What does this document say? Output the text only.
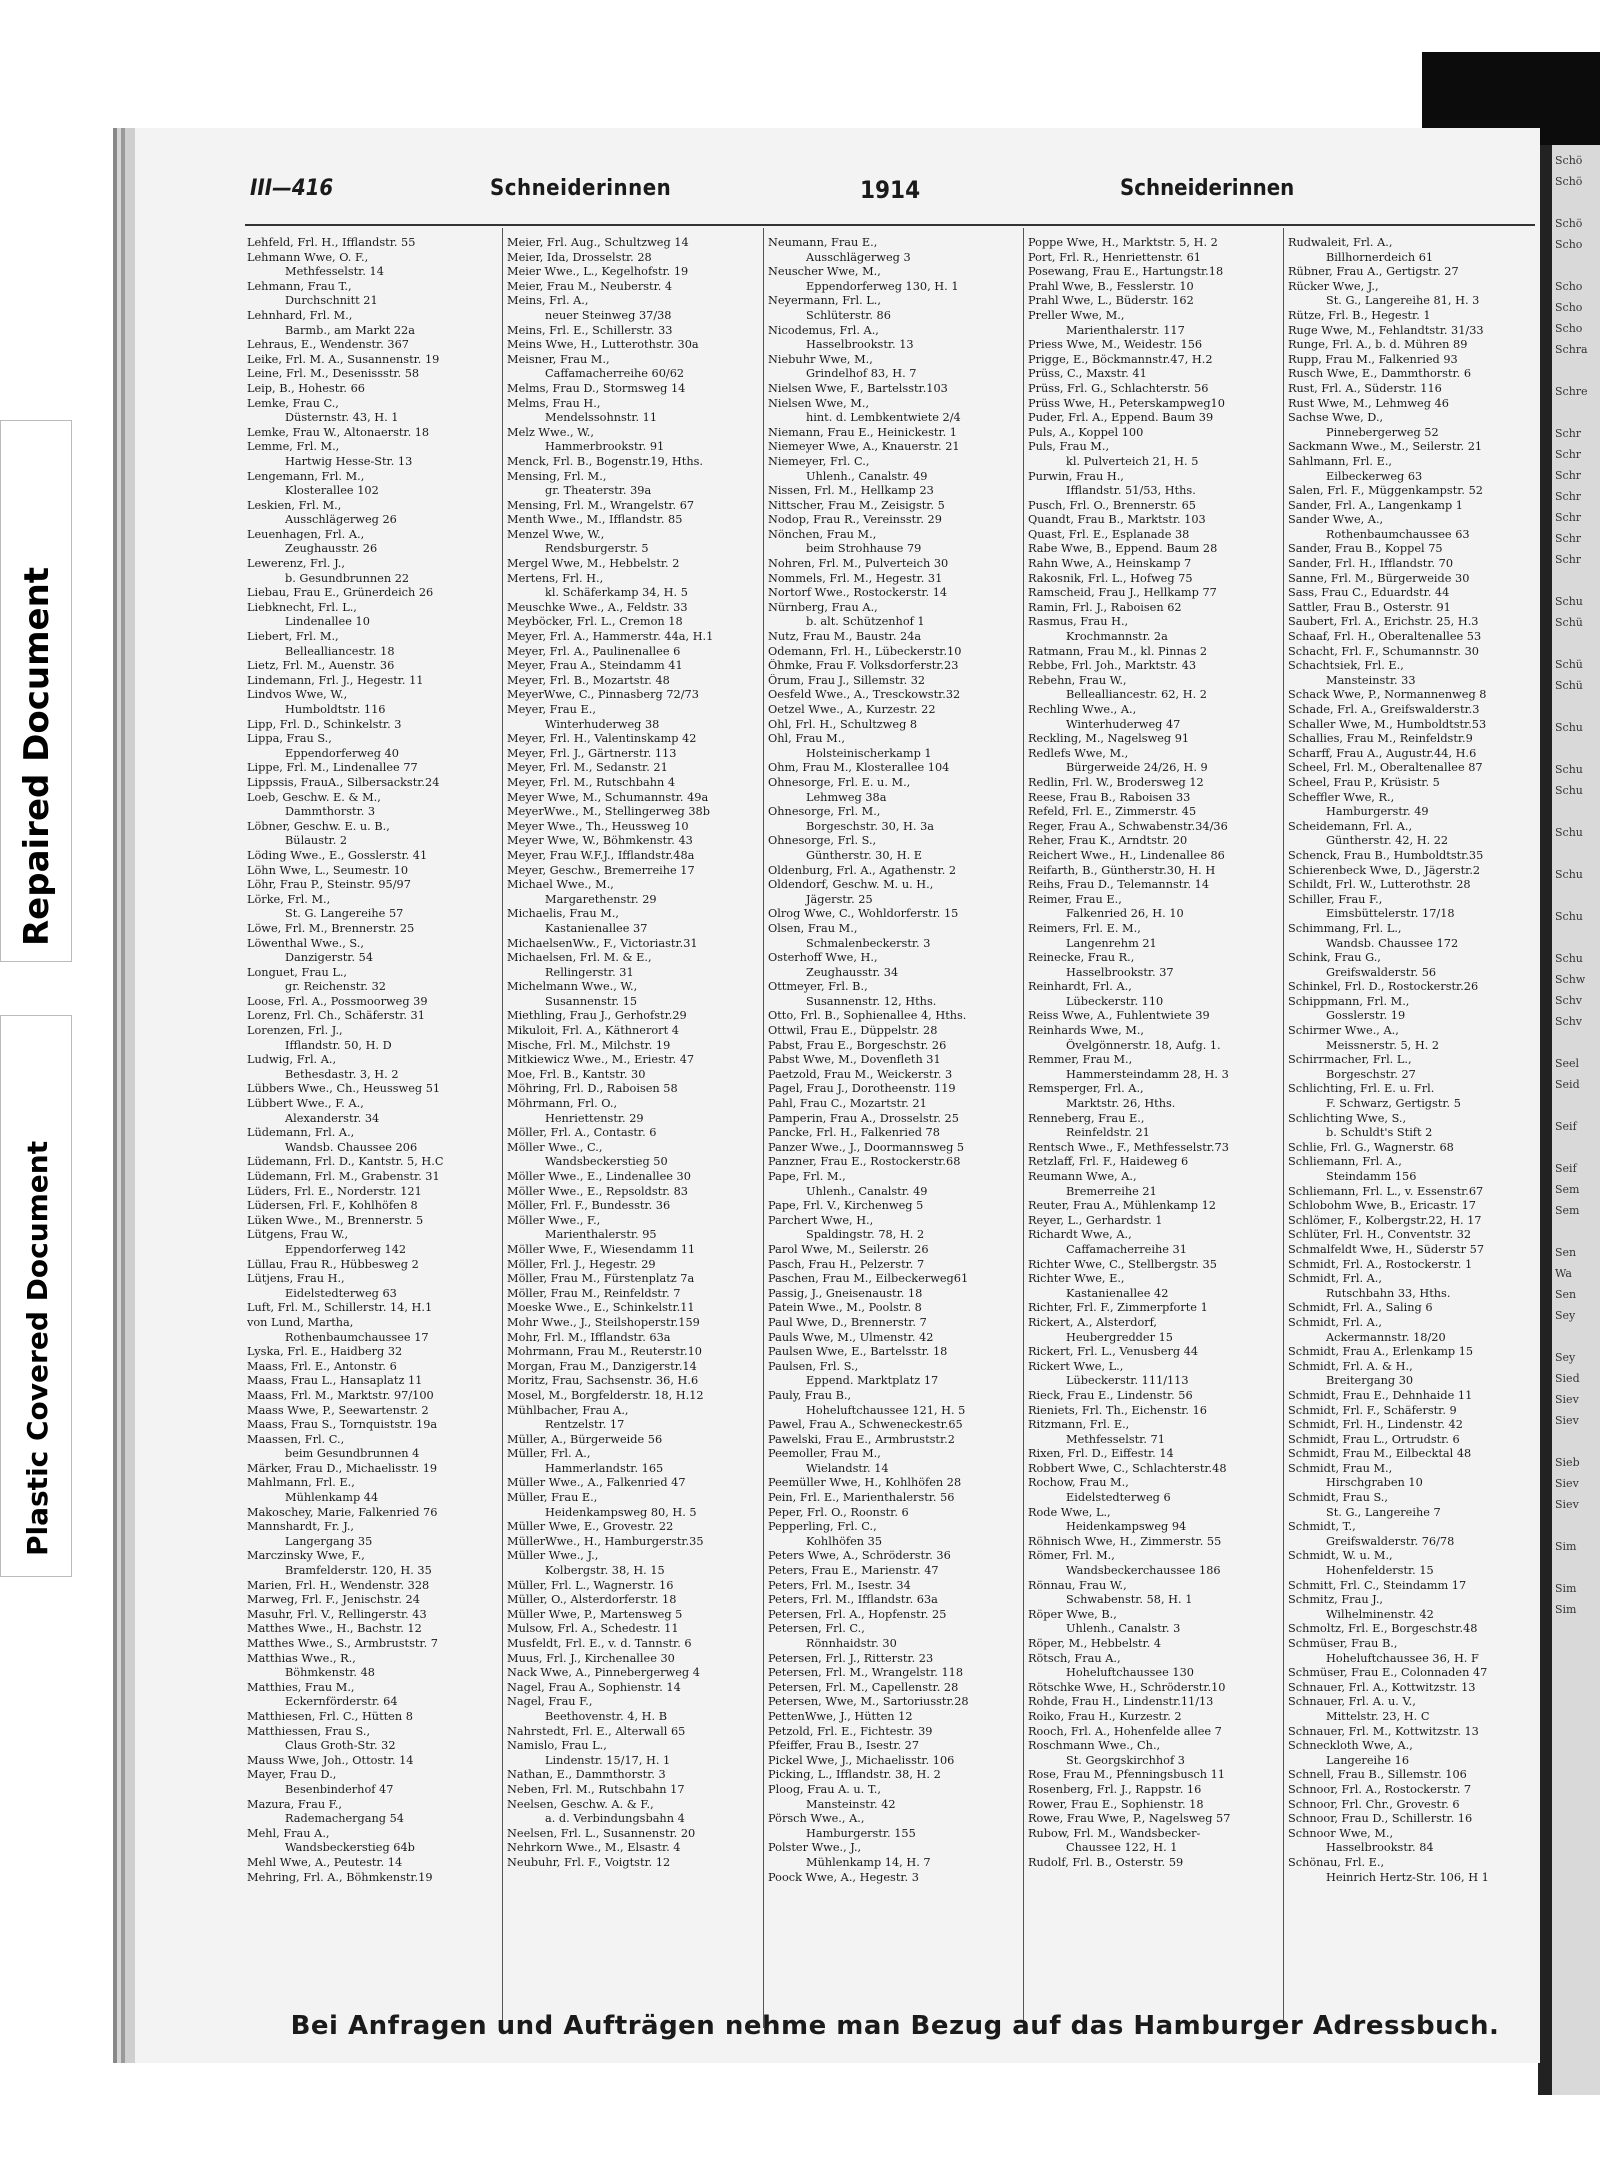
Schö
Schö

Schö
Scho

Scho
Scho
Scho
Schra

Schre

Schr
Schr
Schr
Schr
Schr
Schr
Schr

Schu
Schü

Schü
Schü

Schu

Schu
Schu

Schu

Schu

Schu

Schu
Schw
Schv
Schv

Seel
Seid

Seif

Seif
Sem
Sem

Sen
Wa
Sen
Sey

Sey
Sied
Siev
Siev

Sieb
Siev
Siev

Sim

Sim
Sim
Repaired Document
Plastic Covered Document
III—416	Schneiderinnen	1914	Schneiderinnen
Lehfeld, Frl. H., Ifflandstr. 55
Lehmann Wwe, O. F.,
Methfesselstr. 14
Lehmann, Frau T.,
Durchschnitt 21
Lehnhard, Frl. M.,
Barmb., am Markt 22a
Lehraus, E., Wendenstr. 367
Leike, Frl. M. A., Susannenstr. 19
Leine, Frl. M., Desenissstr. 58
Leip, B., Hohestr. 66
Lemke, Frau C.,
Düsternstr. 43, H. 1
Lemke, Frau W., Altonaerstr. 18
Lemme, Frl. M.,
Hartwig Hesse-Str. 13
Lengemann, Frl. M.,
Klosterallee 102
Leskien, Frl. M.,
Ausschlägerweg 26
Leuenhagen, Frl. A.,
Zeughausstr. 26
Lewerenz, Frl. J.,
b. Gesundbrunnen 22
Liebau, Frau E., Grünerdeich 26
Liebknecht, Frl. L.,
Lindenallee 10
Liebert, Frl. M.,
Bellealliancestr. 18
Lietz, Frl. M., Auenstr. 36
Lindemann, Frl. J., Hegestr. 11
Lindvos Wwe, W.,
Humboldtstr. 116
Lipp, Frl. D., Schinkelstr. 3
Lippa, Frau S.,
Eppendorferweg 40
Lippe, Frl. M., Lindenallee 77
Lippssis, FrauA., Silbersackstr.24
Loeb, Geschw. E. & M.,
Dammthorstr. 3
Löbner, Geschw. E. u. B.,
Bülaustr. 2
Löding Wwe., E., Gosslerstr. 41
Löhn Wwe, L., Seumestr. 10
Löhr, Frau P., Steinstr. 95/97
Lörke, Frl. M.,
St. G. Langereihe 57
Löwe, Frl. M., Brennerstr. 25
Löwenthal Wwe., S.,
Danzigerstr. 54
Longuet, Frau L.,
gr. Reichenstr. 32
Loose, Frl. A., Possmoorweg 39
Lorenz, Frl. Ch., Schäferstr. 31
Lorenzen, Frl. J.,
Ifflandstr. 50, H. D
Ludwig, Frl. A.,
Bethesdastr. 3, H. 2
Lübbers Wwe., Ch., Heussweg 51
Lübbert Wwe., F. A.,
Alexanderstr. 34
Lüdemann, Frl. A.,
Wandsb. Chaussee 206
Lüdemann, Frl. D., Kantstr. 5, H.C
Lüdemann, Frl. M., Grabenstr. 31
Lüders, Frl. E., Norderstr. 121
Lüdersen, Frl. F., Kohlhöfen 8
Lüken Wwe., M., Brennerstr. 5
Lütgens, Frau W.,
Eppendorferweg 142
Lüllau, Frau R., Hübbesweg 2
Lütjens, Frau H.,
Eidelstedterweg 63
Luft, Frl. M., Schillerstr. 14, H.1
von Lund, Martha,
Rothenbaumchaussee 17
Lyska, Frl. E., Haidberg 32
Maass, Frl. E., Antonstr. 6
Maass, Frau L., Hansaplatz 11
Maass, Frl. M., Marktstr. 97/100
Maass Wwe, P., Seewartenstr. 2
Maass, Frau S., Tornquiststr. 19a
Maassen, Frl. C.,
beim Gesundbrunnen 4
Märker, Frau D., Michaelisstr. 19
Mahlmann, Frl. E.,
Mühlenkamp 44
Makoschey, Marie, Falkenried 76
Mannshardt, Fr. J.,
Langergang 35
Marczinsky Wwe, F.,
Bramfelderstr. 120, H. 35
Marien, Frl. H., Wendenstr. 328
Marweg, Frl. F., Jenischstr. 24
Masuhr, Frl. V., Rellingerstr. 43
Matthes Wwe., H., Bachstr. 12
Matthes Wwe., S., Armbruststr. 7
Matthias Wwe., R.,
Böhmkenstr. 48
Matthies, Frau M.,
Eckernförderstr. 64
Matthiesen, Frl. C., Hütten 8
Matthiessen, Frau S.,
Claus Groth-Str. 32
Mauss Wwe, Joh., Ottostr. 14
Mayer, Frau D.,
Besenbinderhof 47
Mazura, Frau F.,
Rademachergang 54
Mehl, Frau A.,
Wandsbeckerstieg 64b
Mehl Wwe, A., Peutestr. 14
Mehring, Frl. A., Böhmkenstr.19
Meier, Frl. Aug., Schultzweg 14
Meier, Ida, Drosselstr. 28
Meier Wwe., L., Kegelhofstr. 19
Meier, Frau M., Neuberstr. 4
Meins, Frl. A.,
neuer Steinweg 37/38
Meins, Frl. E., Schillerstr. 33
Meins Wwe, H., Lutterothstr. 30a
Meisner, Frau M.,
Caffamacherreihe 60/62
Melms, Frau D., Stormsweg 14
Melms, Frau H.,
Mendelssohnstr. 11
Melz Wwe., W.,
Hammerbrookstr. 91
Menck, Frl. B., Bogenstr.19, Hths.
Mensing, Frl. M.,
gr. Theaterstr. 39a
Mensing, Frl. M., Wrangelstr. 67
Menth Wwe., M., Ifflandstr. 85
Menzel Wwe, W.,
Rendsburgerstr. 5
Mergel Wwe, M., Hebbelstr. 2
Mertens, Frl. H.,
kl. Schäferkamp 34, H. 5
Meuschke Wwe., A., Feldstr. 33
Meyböcker, Frl. L., Cremon 18
Meyer, Frl. A., Hammerstr. 44a, H.1
Meyer, Frl. A., Paulinenallee 6
Meyer, Frau A., Steindamm 41
Meyer, Frl. B., Mozartstr. 48
MeyerWwe, C., Pinnasberg 72/73
Meyer, Frau E.,
Winterhuderweg 38
Meyer, Frl. H., Valentinskamp 42
Meyer, Frl. J., Gärtnerstr. 113
Meyer, Frl. M., Sedanstr. 21
Meyer, Frl. M., Rutschbahn 4
Meyer Wwe, M., Schumannstr. 49a
MeyerWwe., M., Stellingerweg 38b
Meyer Wwe., Th., Heussweg 10
Meyer Wwe, W., Böhmkenstr. 43
Meyer, Frau W.F.J., Ifflandstr.48a
Meyer, Geschw., Bremerreihe 17
Michael Wwe., M.,
Margarethenstr. 29
Michaelis, Frau M.,
Kastanienallee 37
MichaelsenWw., F., Victoriastr.31
Michaelsen, Frl. M. & E.,
Rellingerstr. 31
Michelmann Wwe., W.,
Susannenstr. 15
Miethling, Frau J., Gerhofstr.29
Mikuloit, Frl. A., Käthnerort 4
Mische, Frl. M., Milchstr. 19
Mitkiewicz Wwe., M., Eriestr. 47
Moe, Frl. B., Kantstr. 30
Möhring, Frl. D., Raboisen 58
Möhrmann, Frl. O.,
Henriettenstr. 29
Möller, Frl. A., Contastr. 6
Möller Wwe., C.,
Wandsbeckerstieg 50
Möller Wwe., E., Lindenallee 30
Möller Wwe., E., Repsoldstr. 83
Möller, Frl. F., Bundesstr. 36
Möller Wwe., F.,
Marienthalerstr. 95
Möller Wwe, F., Wiesendamm 11
Möller, Frl. J., Hegestr. 29
Möller, Frau M., Fürstenplatz 7a
Möller, Frau M., Reinfeldstr. 7
Moeske Wwe., E., Schinkelstr.11
Mohr Wwe., J., Steilshoperstr.159
Mohr, Frl. M., Ifflandstr. 63a
Mohrmann, Frau M., Reuterstr.10
Morgan, Frau M., Danzigerstr.14
Moritz, Frau, Sachsenstr. 36, H.6
Mosel, M., Borgfelderstr. 18, H.12
Mühlbacher, Frau A.,
Rentzelstr. 17
Müller, A., Bürgerweide 56
Müller, Frl. A.,
Hammerlandstr. 165
Müller Wwe., A., Falkenried 47
Müller, Frau E.,
Heidenkampsweg 80, H. 5
Müller Wwe, E., Grovestr. 22
MüllerWwe., H., Hamburgerstr.35
Müller Wwe., J.,
Kolbergstr. 38, H. 15
Müller, Frl. L., Wagnerstr. 16
Müller, O., Alsterdorferstr. 18
Müller Wwe, P., Martensweg 5
Mulsow, Frl. A., Schedestr. 11
Musfeldt, Frl. E., v. d. Tannstr. 6
Muus, Frl. J., Kirchenallee 30
Nack Wwe, A., Pinnebergerweg 4
Nagel, Frau A., Sophienstr. 14
Nagel, Frau F.,
Beethovenstr. 4, H. B
Nahrstedt, Frl. E., Alterwall 65
Namislo, Frau L.,
Lindenstr. 15/17, H. 1
Nathan, E., Dammthorstr. 3
Neben, Frl. M., Rutschbahn 17
Neelsen, Geschw. A. & F.,
a. d. Verbindungsbahn 4
Neelsen, Frl. L., Susannenstr. 20
Nehrkorn Wwe., M., Elsastr. 4
Neubuhr, Frl. F., Voigtstr. 12
Neumann, Frau E.,
Ausschlägerweg 3
Neuscher Wwe, M.,
Eppendorferweg 130, H. 1
Neyermann, Frl. L.,
Schlüterstr. 86
Nicodemus, Frl. A.,
Hasselbrookstr. 13
Niebuhr Wwe, M.,
Grindelhof 83, H. 7
Nielsen Wwe, F., Bartelsstr.103
Nielsen Wwe, M.,
hint. d. Lembkentwiete 2/4
Niemann, Frau E., Heinickestr. 1
Niemeyer Wwe, A., Knauerstr. 21
Niemeyer, Frl. C.,
Uhlenh., Canalstr. 49
Nissen, Frl. M., Hellkamp 23
Nittscher, Frau M., Zeisigstr. 5
Nodop, Frau R., Vereinsstr. 29
Nönchen, Frau M.,
beim Strohhause 79
Nohren, Frl. M., Pulverteich 30
Nommels, Frl. M., Hegestr. 31
Nortorf Wwe., Rostockerstr. 14
Nürnberg, Frau A.,
b. alt. Schützenhof 1
Nutz, Frau M., Baustr. 24a
Odemann, Frl. H., Lübeckerstr.10
Öhmke, Frau F. Volksdorferstr.23
Örum, Frau J., Sillemstr. 32
Oesfeld Wwe., A., Tresckowstr.32
Oetzel Wwe., A., Kurzestr. 22
Ohl, Frl. H., Schultzweg 8
Ohl, Frau M.,
Holsteinischerkamp 1
Ohm, Frau M., Klosterallee 104
Ohnesorge, Frl. E. u. M.,
Lehmweg 38a
Ohnesorge, Frl. M.,
Borgeschstr. 30, H. 3a
Ohnesorge, Frl. S.,
Güntherstr. 30, H. E
Oldenburg, Frl. A., Agathenstr. 2
Oldendorf, Geschw. M. u. H.,
Jägerstr. 25
Olrog Wwe, C., Wohldorferstr. 15
Olsen, Frau M.,
Schmalenbeckerstr. 3
Osterhoff Wwe, H.,
Zeughausstr. 34
Ottmeyer, Frl. B.,
Susannenstr. 12, Hths.
Otto, Frl. B., Sophienallee 4, Hths.
Ottwil, Frau E., Düppelstr. 28
Pabst, Frau E., Borgeschstr. 26
Pabst Wwe, M., Dovenfleth 31
Paetzold, Frau M., Weickerstr. 3
Pagel, Frau J., Dorotheenstr. 119
Pahl, Frau C., Mozartstr. 21
Pamperin, Frau A., Drosselstr. 25
Pancke, Frl. H., Falkenried 78
Panzer Wwe., J., Doormannsweg 5
Panzner, Frau E., Rostockerstr.68
Pape, Frl. M.,
Uhlenh., Canalstr. 49
Pape, Frl. V., Kirchenweg 5
Parchert Wwe, H.,
Spaldingstr. 78, H. 2
Parol Wwe, M., Seilerstr. 26
Pasch, Frau H., Pelzerstr. 7
Paschen, Frau M., Eilbeckerweg61
Passig, J., Gneisenaustr. 18
Patein Wwe., M., Poolstr. 8
Paul Wwe, D., Brennerstr. 7
Pauls Wwe, M., Ulmenstr. 42
Paulsen Wwe, E., Bartelsstr. 18
Paulsen, Frl. S.,
Eppend. Marktplatz 17
Pauly, Frau B.,
Hoheluftchaussee 121, H. 5
Pawel, Frau A., Schweneckestr.65
Pawelski, Frau E., Armbruststr.2
Peemoller, Frau M.,
Wielandstr. 14
Peemüller Wwe, H., Kohlhöfen 28
Pein, Frl. E., Marienthalerstr. 56
Peper, Frl. O., Roonstr. 6
Pepperling, Frl. C.,
Kohlhöfen 35
Peters Wwe, A., Schröderstr. 36
Peters, Frau E., Marienstr. 47
Peters, Frl. M., Isestr. 34
Peters, Frl. M., Ifflandstr. 63a
Petersen, Frl. A., Hopfenstr. 25
Petersen, Frl. C.,
Rönnhaidstr. 30
Petersen, Frl. J., Ritterstr. 23
Petersen, Frl. M., Wrangelstr. 118
Petersen, Frl. M., Capellenstr. 28
Petersen, Wwe, M., Sartoriusstr.28
PettenWwe, J., Hütten 12
Petzold, Frl. E., Fichtestr. 39
Pfeiffer, Frau B., Isestr. 27
Pickel Wwe, J., Michaelisstr. 106
Picking, L., Ifflandstr. 38, H. 2
Ploog, Frau A. u. T.,
Mansteinstr. 42
Pörsch Wwe., A.,
Hamburgerstr. 155
Polster Wwe., J.,
Mühlenkamp 14, H. 7
Poock Wwe, A., Hegestr. 3
Poppe Wwe, H., Marktstr. 5, H. 2
Port, Frl. R., Henriettenstr. 61
Posewang, Frau E., Hartungstr.18
Prahl Wwe, B., Fesslerstr. 10
Prahl Wwe, L., Büderstr. 162
Preller Wwe, M.,
Marienthalerstr. 117
Priess Wwe, M., Weidestr. 156
Prigge, E., Böckmannstr.47, H.2
Prüss, C., Maxstr. 41
Prüss, Frl. G., Schlachterstr. 56
Prüss Wwe, H., Peterskampweg10
Puder, Frl. A., Eppend. Baum 39
Puls, A., Koppel 100
Puls, Frau M.,
kl. Pulverteich 21, H. 5
Purwin, Frau H.,
Ifflandstr. 51/53, Hths.
Pusch, Frl. O., Brennerstr. 65
Quandt, Frau B., Marktstr. 103
Quast, Frl. E., Esplanade 38
Rabe Wwe, B., Eppend. Baum 28
Rahn Wwe, A., Heinskamp 7
Rakosnik, Frl. L., Hofweg 75
Ramscheid, Frau J., Hellkamp 77
Ramin, Frl. J., Raboisen 62
Rasmus, Frau H.,
Krochmannstr. 2a
Ratmann, Frau M., kl. Pinnas 2
Rebbe, Frl. Joh., Marktstr. 43
Rebehn, Frau W.,
Bellealliancestr. 62, H. 2
Rechling Wwe., A.,
Winterhuderweg 47
Reckling, M., Nagelsweg 91
Redlefs Wwe, M.,
Bürgerweide 24/26, H. 9
Redlin, Frl. W., Brodersweg 12
Reese, Frau B., Raboisen 33
Refeld, Frl. E., Zimmerstr. 45
Reger, Frau A., Schwabenstr.34/36
Reher, Frau K., Arndtstr. 20
Reichert Wwe., H., Lindenallee 86
Reifarth, B., Güntherstr.30, H. H
Reihs, Frau D., Telemannstr. 14
Reimer, Frau E.,
Falkenried 26, H. 10
Reimers, Frl. E. M.,
Langenrehm 21
Reinecke, Frau R.,
Hasselbrookstr. 37
Reinhardt, Frl. A.,
Lübeckerstr. 110
Reiss Wwe, A., Fuhlentwiete 39
Reinhards Wwe, M.,
Övelgönnerstr. 18, Aufg. 1.
Remmer, Frau M.,
Hammersteindamm 28, H. 3
Remsperger, Frl. A.,
Marktstr. 26, Hths.
Renneberg, Frau E.,
Reinfeldstr. 21
Rentsch Wwe., F., Methfesselstr.73
Retzlaff, Frl. F., Haideweg 6
Reumann Wwe, A.,
Bremerreihe 21
Reuter, Frau A., Mühlenkamp 12
Reyer, L., Gerhardstr. 1
Richardt Wwe, A.,
Caffamacherreihe 31
Richter Wwe, C., Stellbergstr. 35
Richter Wwe, E.,
Kastanienallee 42
Richter, Frl. F., Zimmerpforte 1
Rickert, A., Alsterdorf,
Heubergredder 15
Rickert, Frl. L., Venusberg 44
Rickert Wwe, L.,
Lübeckerstr. 111/113
Rieck, Frau E., Lindenstr. 56
Rieniets, Frl. Th., Eichenstr. 16
Ritzmann, Frl. E.,
Methfesselstr. 71
Rixen, Frl. D., Eiffestr. 14
Robbert Wwe, C., Schlachterstr.48
Rochow, Frau M.,
Eidelstedterweg 6
Rode Wwe, L.,
Heidenkampsweg 94
Röhnisch Wwe, H., Zimmerstr. 55
Römer, Frl. M.,
Wandsbeckerchaussee 186
Rönnau, Frau W.,
Schwabenstr. 58, H. 1
Röper Wwe, B.,
Uhlenh., Canalstr. 3
Röper, M., Hebbelstr. 4
Rötsch, Frau A.,
Hoheluftchaussee 130
Rötschke Wwe, H., Schröderstr.10
Rohde, Frau H., Lindenstr.11/13
Roiko, Frau H., Kurzestr. 2
Rooch, Frl. A., Hohenfelde allee 7
Roschmann Wwe., Ch.,
St. Georgskirchhof 3
Rose, Frau M., Pfenningsbusch 11
Rosenberg, Frl. J., Rappstr. 16
Rower, Frau E., Sophienstr. 18
Rowe, Frau Wwe, P., Nagelsweg 57
Rubow, Frl. M., Wandsbecker-
Chaussee 122, H. 1
Rudolf, Frl. B., Osterstr. 59
Rudwaleit, Frl. A.,
Billhornerdeich 61
Rübner, Frau A., Gertigstr. 27
Rücker Wwe, J.,
St. G., Langereihe 81, H. 3
Rütze, Frl. B., Hegestr. 1
Ruge Wwe, M., Fehlandtstr. 31/33
Runge, Frl. A., b. d. Mühren 89
Rupp, Frau M., Falkenried 93
Rusch Wwe, E., Dammthorstr. 6
Rust, Frl. A., Süderstr. 116
Rust Wwe, M., Lehmweg 46
Sachse Wwe, D.,
Pinnebergerweg 52
Sackmann Wwe., M., Seilerstr. 21
Sahlmann, Frl. E.,
Eilbeckerweg 63
Salen, Frl. F., Müggenkampstr. 52
Sander, Frl. A., Langenkamp 1
Sander Wwe, A.,
Rothenbaumchaussee 63
Sander, Frau B., Koppel 75
Sander, Frl. H., Ifflandstr. 70
Sanne, Frl. M., Bürgerweide 30
Sass, Frau C., Eduardstr. 44
Sattler, Frau B., Osterstr. 91
Saubert, Frl. A., Erichstr. 25, H.3
Schaaf, Frl. H., Oberaltenallee 53
Schacht, Frl. F., Schumannstr. 30
Schachtsiek, Frl. E.,
Mansteinstr. 33
Schack Wwe, P., Normannenweg 8
Schade, Frl. A., Greifswalderstr.3
Schaller Wwe, M., Humboldtstr.53
Schallies, Frau M., Reinfeldstr.9
Scharff, Frau A., Augustr.44, H.6
Scheel, Frl. M., Oberaltenallee 87
Scheel, Frau P., Krüsistr. 5
Scheffler Wwe, R.,
Hamburgerstr. 49
Scheidemann, Frl. A.,
Güntherstr. 42, H. 22
Schenck, Frau B., Humboldtstr.35
Schierenbeck Wwe, D., Jägerstr.2
Schildt, Frl. W., Lutterothstr. 28
Schiller, Frau F.,
Eimsbüttelerstr. 17/18
Schimmang, Frl. L.,
Wandsb. Chaussee 172
Schink, Frau G.,
Greifswalderstr. 56
Schinkel, Frl. D., Rostockerstr.26
Schippmann, Frl. M.,
Gosslerstr. 19
Schirmer Wwe., A.,
Meissnerstr. 5, H. 2
Schirrmacher, Frl. L.,
Borgeschstr. 27
Schlichting, Frl. E. u. Frl.
F. Schwarz, Gertigstr. 5
Schlichting Wwe, S.,
b. Schuldt's Stift 2
Schlie, Frl. G., Wagnerstr. 68
Schliemann, Frl. A.,
Steindamm 156
Schliemann, Frl. L., v. Essenstr.67
Schlobohm Wwe, B., Ericastr. 17
Schlömer, F., Kolbergstr.22, H. 17
Schlüter, Frl. H., Conventstr. 32
Schmalfeldt Wwe, H., Süderstr 57
Schmidt, Frl. A., Rostockerstr. 1
Schmidt, Frl. A.,
Rutschbahn 33, Hths.
Schmidt, Frl. A., Saling 6
Schmidt, Frl. A.,
Ackermannstr. 18/20
Schmidt, Frau A., Erlenkamp 15
Schmidt, Frl. A. & H.,
Breitergang 30
Schmidt, Frau E., Dehnhaide 11
Schmidt, Frl. F., Schäferstr. 9
Schmidt, Frl. H., Lindenstr. 42
Schmidt, Frau L., Ortrudstr. 6
Schmidt, Frau M., Eilbecktal 48
Schmidt, Frau M.,
Hirschgraben 10
Schmidt, Frau S.,
St. G., Langereihe 7
Schmidt, T.,
Greifswalderstr. 76/78
Schmidt, W. u. M.,
Hohenfelderstr. 15
Schmitt, Frl. C., Steindamm 17
Schmitz, Frau J.,
Wilhelminenstr. 42
Schmoltz, Frl. E., Borgeschstr.48
Schmüser, Frau B.,
Hoheluftchaussee 36, H. F
Schmüser, Frau E., Colonnaden 47
Schnauer, Frl. A., Kottwitzstr. 13
Schnauer, Frl. A. u. V.,
Mittelstr. 23, H. C
Schnauer, Frl. M., Kottwitzstr. 13
Schneckloth Wwe, A.,
Langereihe 16
Schnell, Frau B., Sillemstr. 106
Schnoor, Frl. A., Rostockerstr. 7
Schnoor, Frl. Chr., Grovestr. 6
Schnoor, Frau D., Schillerstr. 16
Schnoor Wwe, M.,
Hasselbrookstr. 84
Schönau, Frl. E.,
Heinrich Hertz-Str. 106, H 1
Bei Anfragen und Aufträgen nehme man Bezug auf das Hamburger Adressbuch.
